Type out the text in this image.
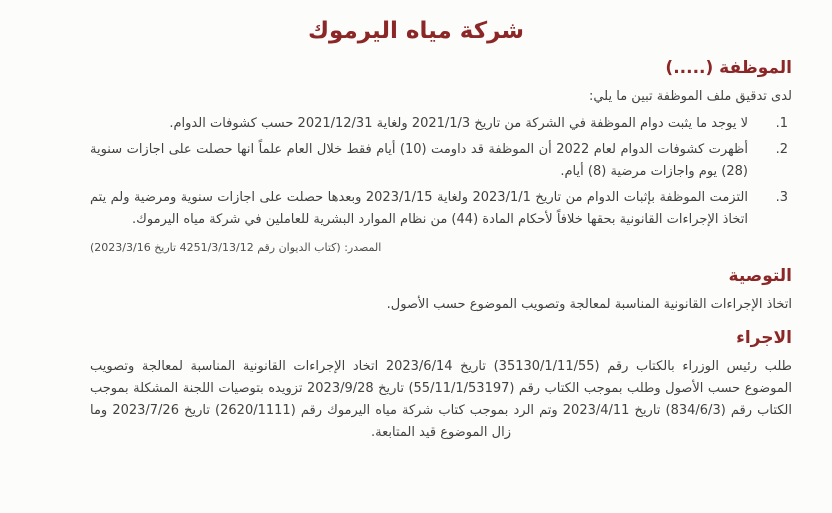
شركة مياه اليرموك
الموظفة (.....)
لدى تدقيق ملف الموظفة تبين ما يلي:
1.
لا يوجد ما يثبت دوام الموظفة في الشركة من تاريخ 2021/1/3 ولغاية 2021/12/31 حسب كشوفات الدوام.
2.
أظهرت كشوفات الدوام لعام 2022 أن الموظفة قد داومت (10) أيام فقط خلال العام علماً انها حصلت على اجازات سنوية (28) يوم واجازات مرضية (8) أيام.
3.
التزمت الموظفة بإثبات الدوام من تاريخ 2023/1/1 ولغاية 2023/1/15 وبعدها حصلت على اجازات سنوية ومرضية ولم يتم اتخاذ الإجراءات القانونية بحقها خلافاً لأحكام المادة (44) من نظام الموارد البشرية للعاملين في شركة مياه اليرموك.
المصدر: (كتاب الديوان رقم 4251/3/13/12 تاريخ 2023/3/16)
التوصية
اتخاذ الإجراءات القانونية المناسبة لمعالجة وتصويب الموضوع حسب الأصول.
الاجراء
طلب رئيس الوزراء بالكتاب رقم (35130/1/11/55) تاريخ 2023/6/14 اتخاد الإجراءات القانونية المناسبة لمعالجة وتصويب الموضوع حسب الأصول وطلب بموجب الكتاب رقم (55/11/1/53197) تاريخ 2023/9/28 تزويده بتوصيات اللجنة المشكلة بموجب الكتاب رقم (834/6/3) تاريخ 2023/4/11 وتم الرد بموجب كتاب شركة مياه اليرموك رقم (2620/1111) تاريخ 2023/7/26 وما زال الموضوع قيد المتابعة.
